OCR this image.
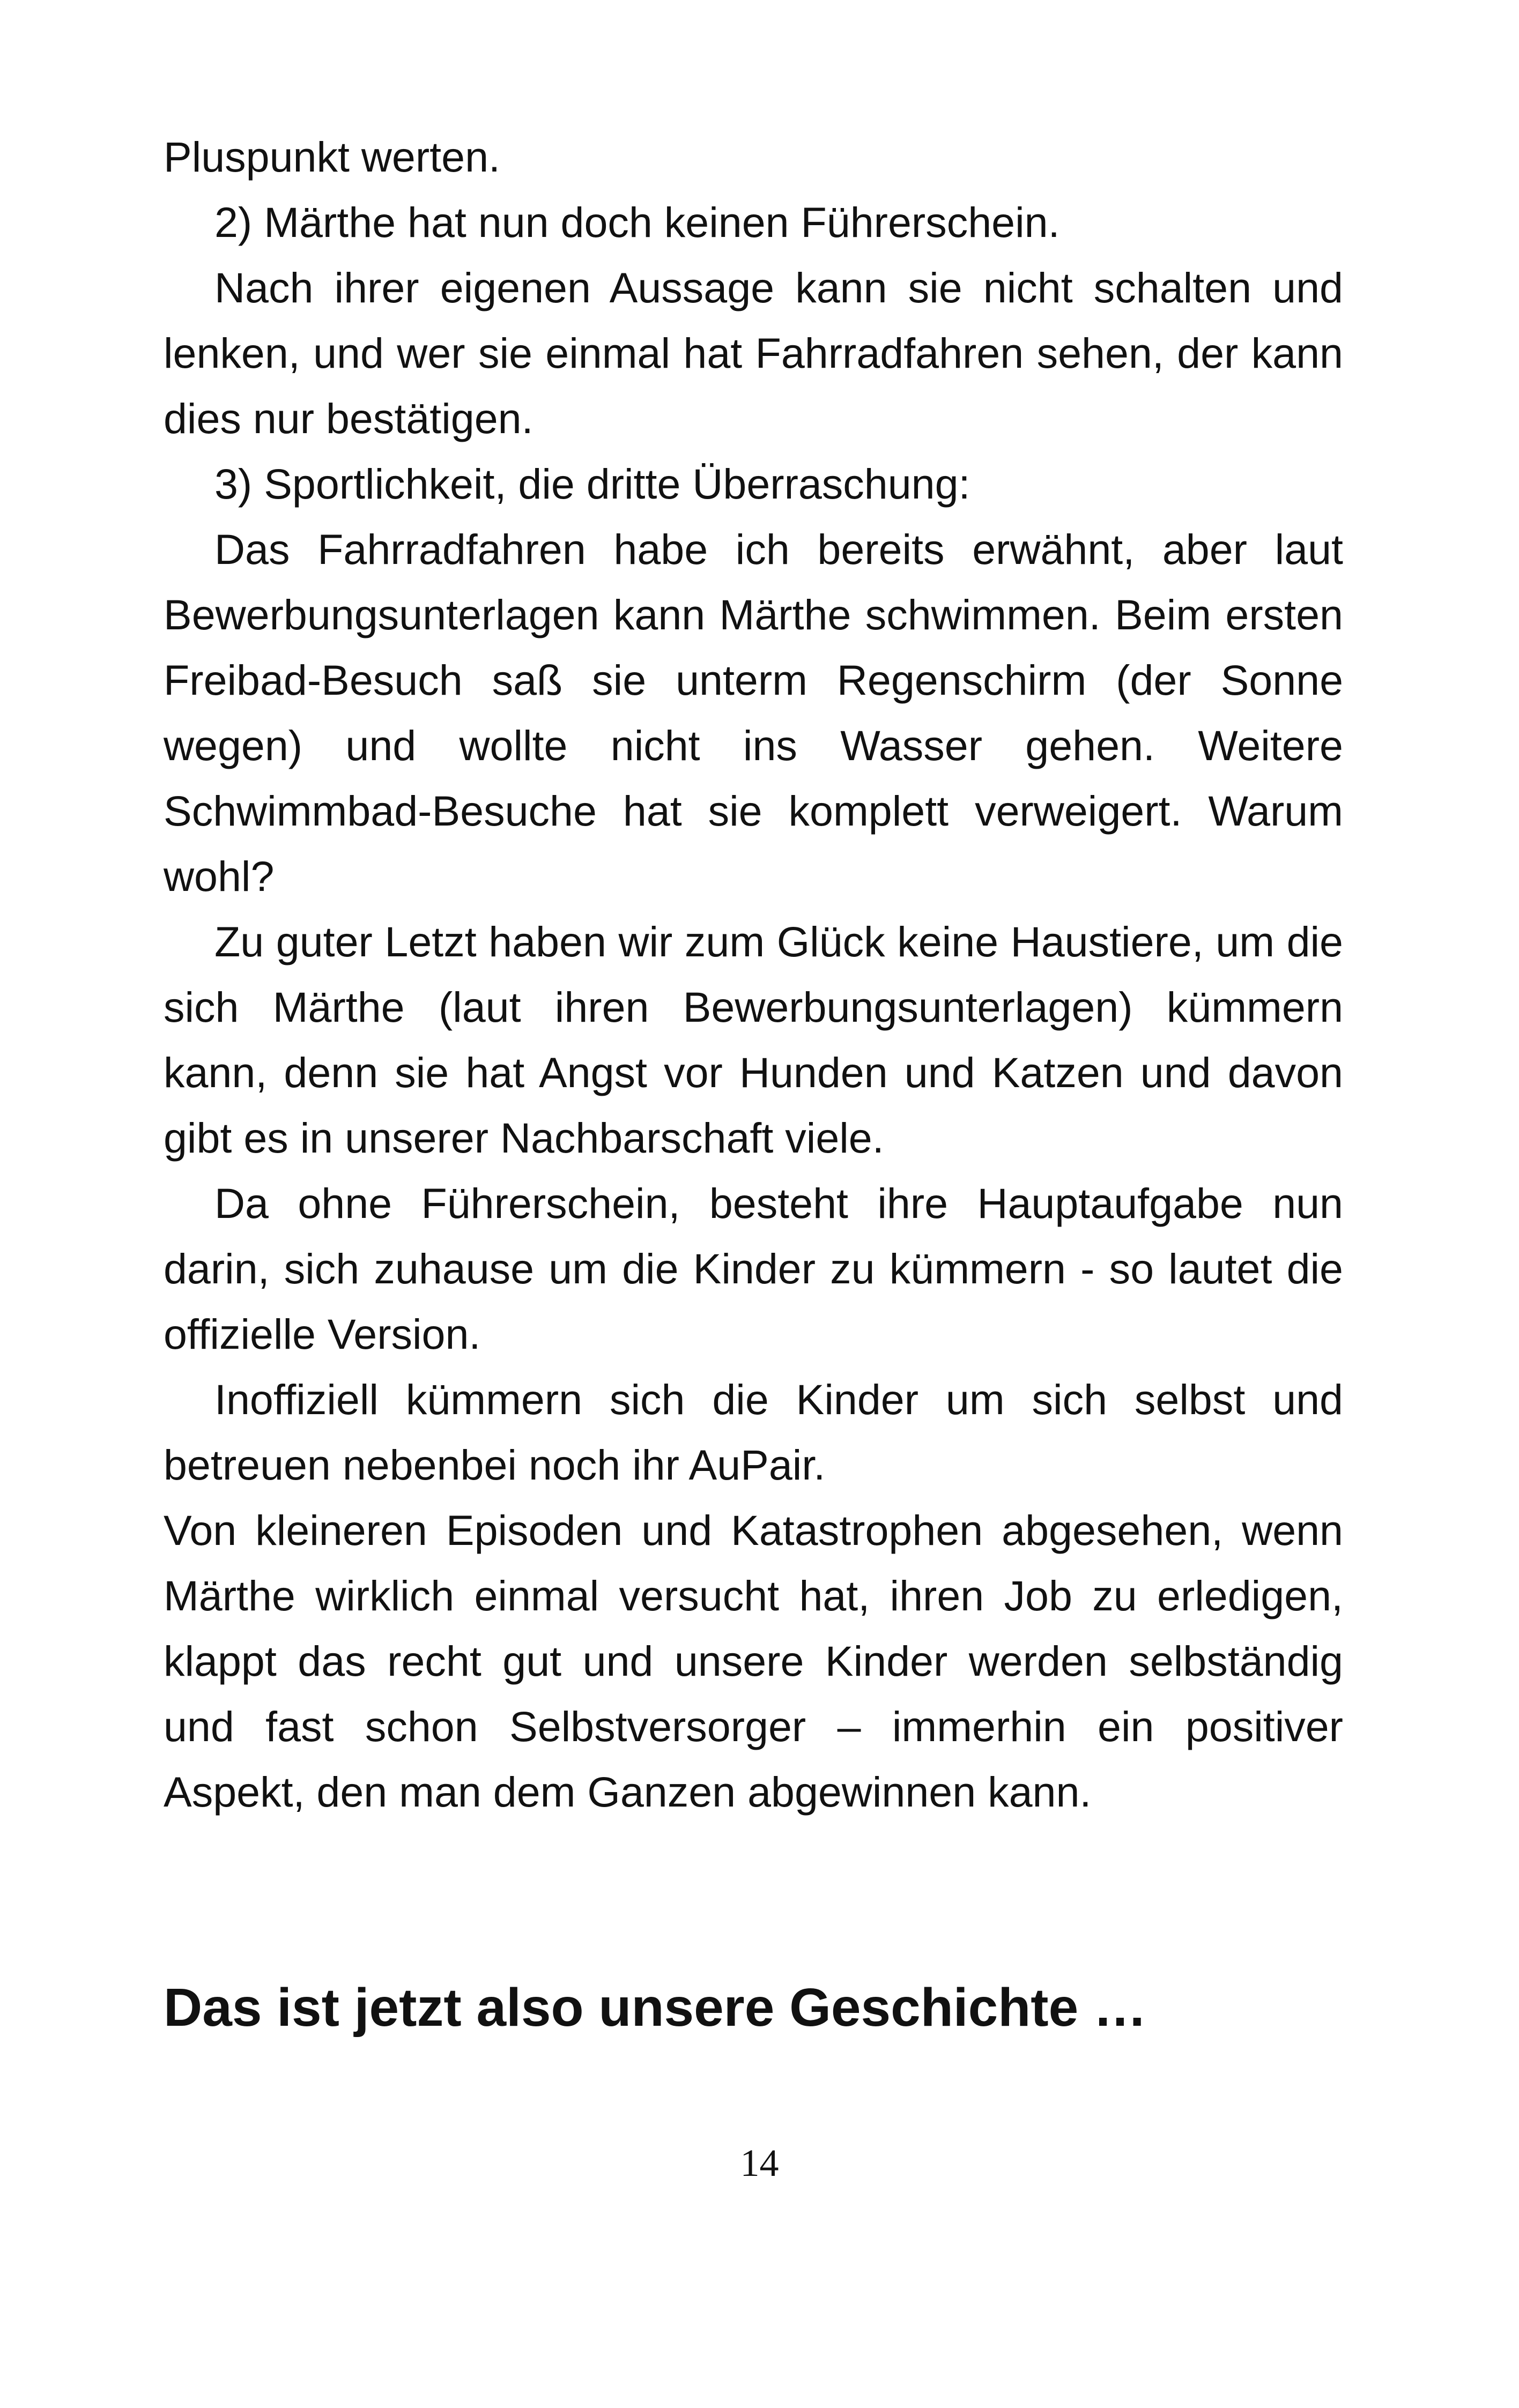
Pluspunkt werten.

2) Märthe hat nun doch keinen Führerschein.

Nach ihrer eigenen Aussage kann sie nicht schalten und lenken, und wer sie einmal hat Fahrradfahren sehen, der kann dies nur bestätigen.

3) Sportlichkeit, die dritte Überraschung:

Das Fahrradfahren habe ich bereits erwähnt, aber laut Bewerbungsunterlagen kann Märthe schwimmen. Beim ersten Freibad-Besuch saß sie unterm Regenschirm (der Sonne wegen) und wollte nicht ins Wasser gehen. Weitere Schwimmbad-Besuche hat sie komplett verweigert. Warum wohl?

Zu guter Letzt haben wir zum Glück keine Haustiere, um die sich Märthe (laut ihren Bewerbungsunterlagen) kümmern kann, denn sie hat Angst vor Hunden und Katzen und davon gibt es in unserer Nachbarschaft viele.

Da ohne Führerschein, besteht ihre Hauptaufgabe nun darin, sich zuhause um die Kinder zu kümmern - so lautet die offizielle Version.

Inoffiziell kümmern sich die Kinder um sich selbst und betreuen nebenbei noch ihr AuPair.

Von kleineren Episoden und Katastrophen abgesehen, wenn Märthe wirklich einmal versucht hat, ihren Job zu erledigen, klappt das recht gut und unsere Kinder werden selbständig und fast schon Selbstversorger – immerhin ein positiver Aspekt, den man dem Ganzen abgewinnen kann.

Das ist jetzt also unsere Geschichte …
14
